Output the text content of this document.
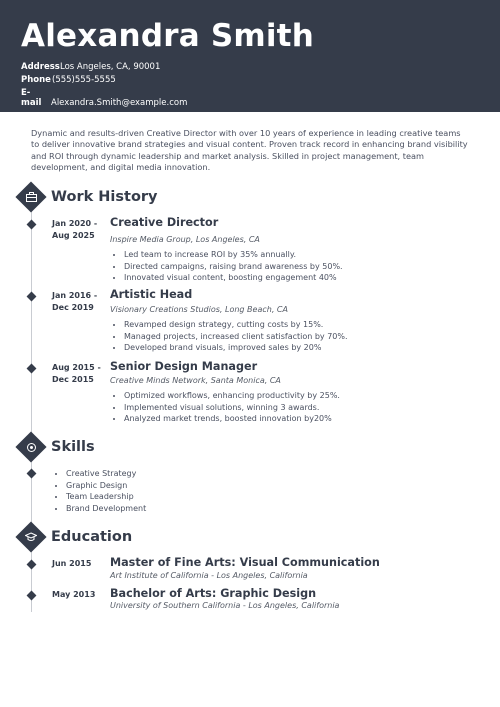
Alexandra Smith
AddressLos Angeles, CA, 90001
Phone(555)555-5555
E-mail Alexandra.Smith@example.com
Dynamic and results-driven Creative Director with over 10 years of experience in leading creative teams to deliver innovative brand strategies and visual content. Proven track record in enhancing brand visibility and ROI through dynamic leadership and market analysis. Skilled in project management, team development, and digital media innovation.
Work History
Jan 2020 -
Aug 2025
Creative Director
Inspire Media Group, Los Angeles, CA
• Led team to increase ROI by 35% annually.
• Directed campaigns, raising brand awareness by 50%.
• Innovated visual content, boosting engagement 40%
Jan 2016 -
Dec 2019
Artistic Head
Visionary Creations Studios, Long Beach, CA
• Revamped design strategy, cutting costs by 15%.
• Managed projects, increased client satisfaction by 70%.
• Developed brand visuals, improved sales by 20%
Aug 2015 -
Dec 2015
Senior Design Manager
Creative Minds Network, Santa Monica, CA
• Optimized workflows, enhancing productivity by 25%.
• Implemented visual solutions, winning 3 awards.
• Analyzed market trends, boosted innovation by20%
Skills
• Creative Strategy
• Graphic Design
• Team Leadership
• Brand Development
Education
Jun 2015 Master of Fine Arts: Visual Communication
Art Institute of California - Los Angeles, California
May 2013 Bachelor of Arts: Graphic Design
University of Southern California - Los Angeles, California
